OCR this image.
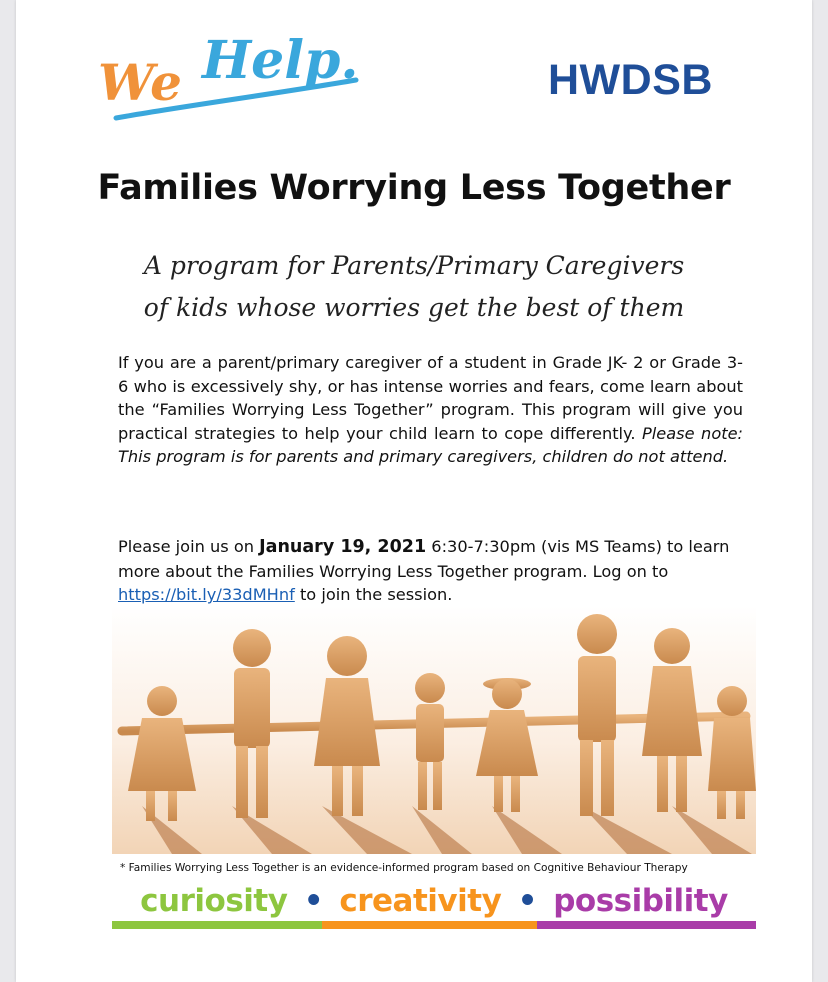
We Help.	HWDSB
Families Worrying Less Together
A program for Parents/Primary Caregivers
of kids whose worries get the best of them
If you are a parent/primary caregiver of a student in Grade JK- 2 or Grade 3-6 who is excessively shy, or has intense worries and fears, come learn about the “Families Worrying Less Together” program. This program will give you practical strategies to help your child learn to cope differently. Please note: This program is for parents and primary caregivers, children do not attend.
Please join us on January 19, 2021 6:30-7:30pm (vis MS Teams) to learn more about the Families Worrying Less Together program. Log on to https://bit.ly/33dMHnf to join the session.
* Families Worrying Less Together is an evidence-informed program based on Cognitive Behaviour Therapy
curiosity • creativity • possibility
